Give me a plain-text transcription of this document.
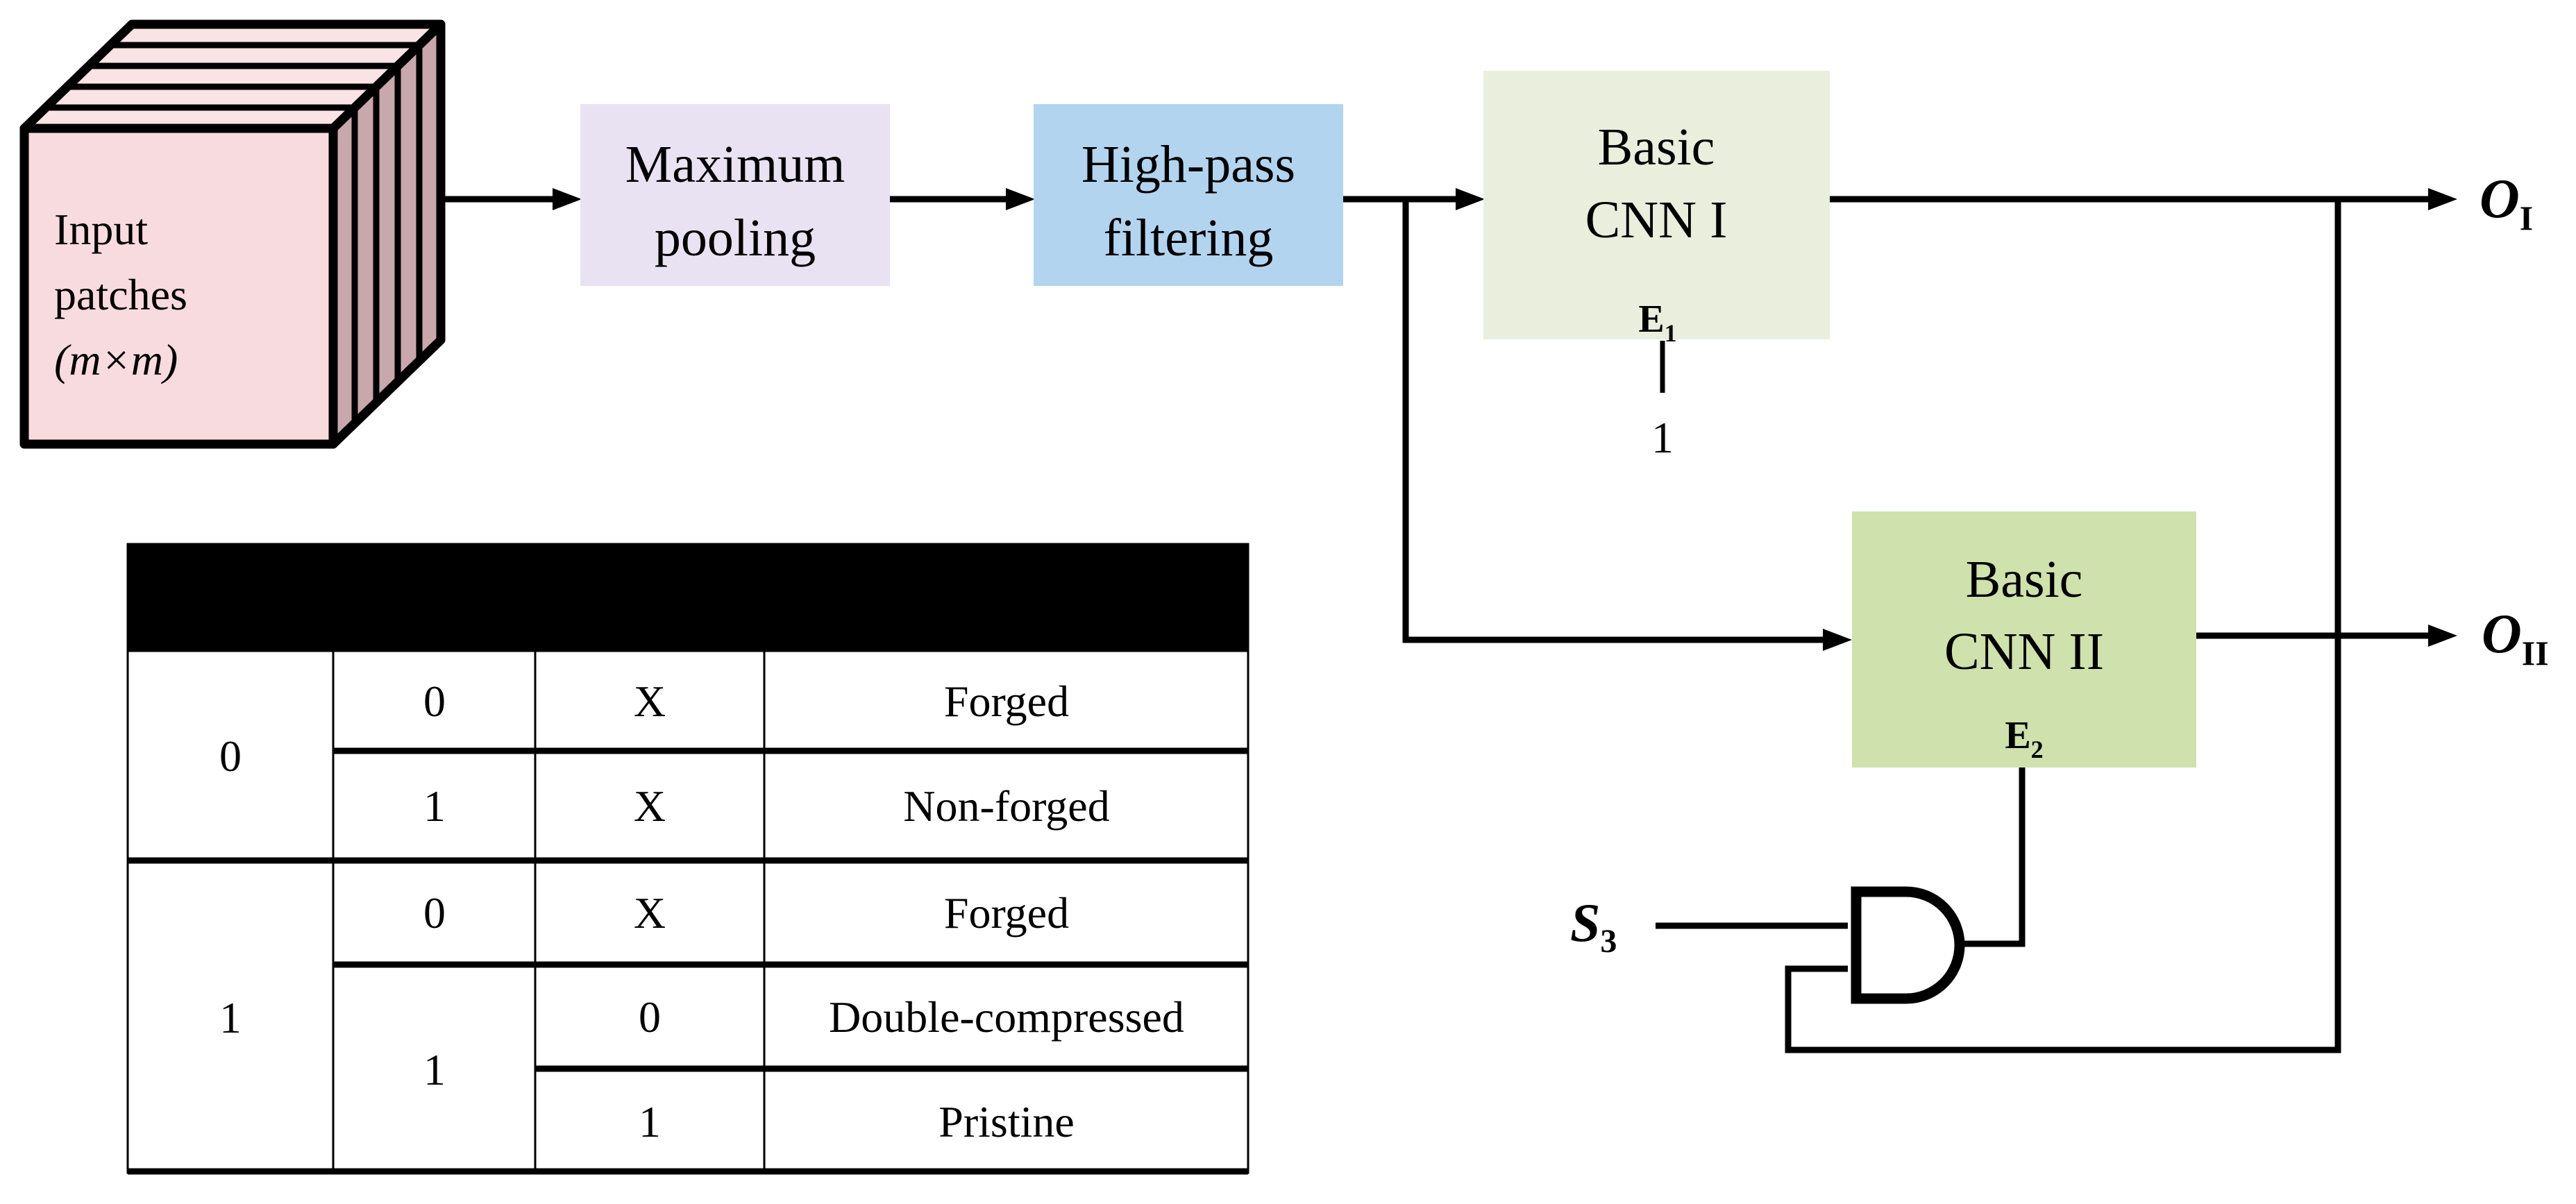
Input
patches
(m×m)
Maximum
pooling
High-pass
filtering
Basic
CNN I
$E_1$
1
Basic
CNN II
$E_2$
$O_I$
$O_{II}$
$S_3$
$S_3$	$O_I$	$O_{II}$	Classification
0
0	X	Forged
1	X	Non-forged
1
0	X	Forged
1
0	Double-compressed
1	Pristine
